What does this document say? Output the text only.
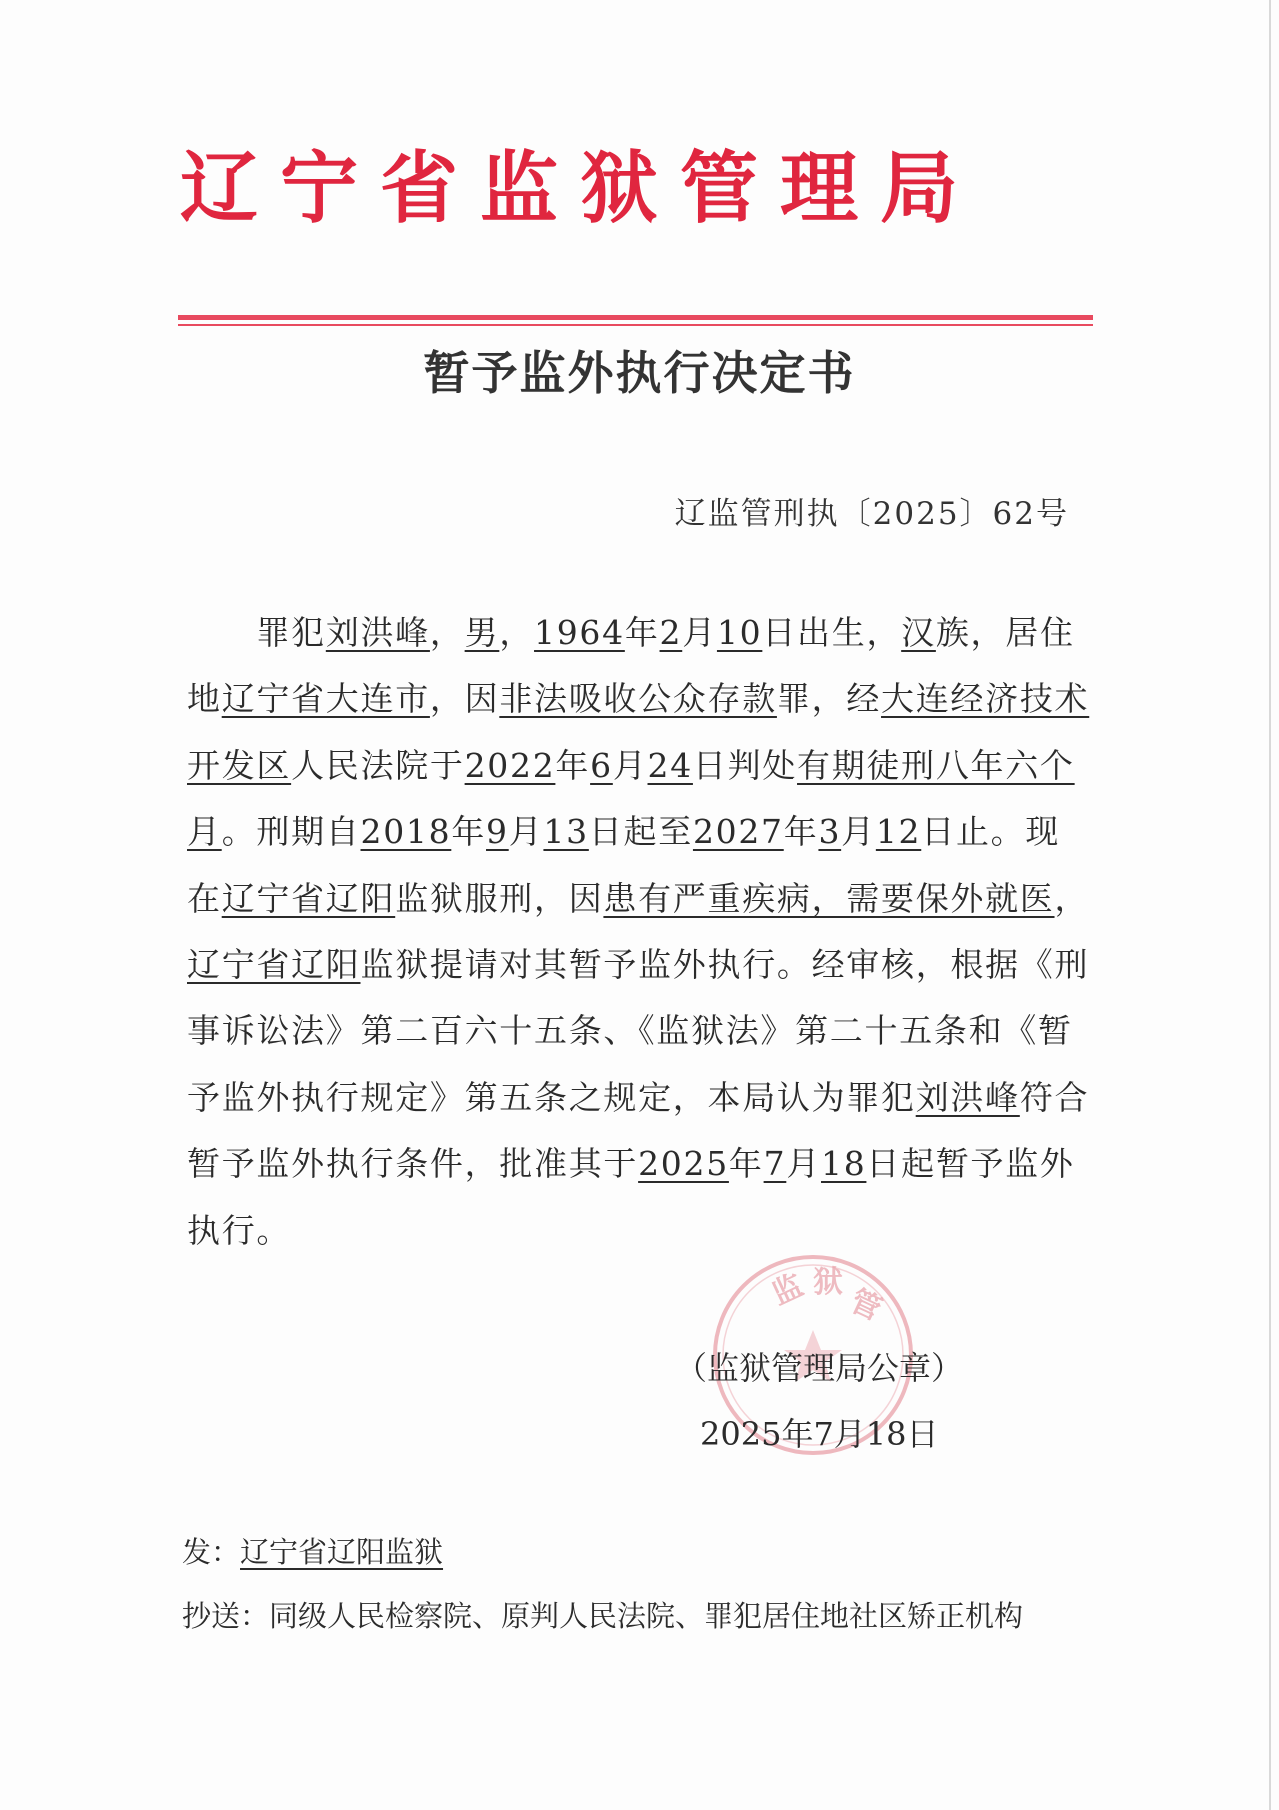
辽宁省监狱管理局
暂予监外执行决定书
辽监管刑执〔2025〕62号
　　罪犯刘洪峰，男，1964年2月10日出生，汉族，居住
地辽宁省大连市，因非法吸收公众存款罪，经大连经济技术
开发区人民法院于2022年6月24日判处有期徒刑八年六个
月。刑期自2018年9月13日起至2027年3月12日止。现
在辽宁省辽阳监狱服刑，因患有严重疾病，需要保外就医，
辽宁省辽阳监狱提请对其暂予监外执行。经审核，根据《刑
事诉讼法》第二百六十五条、《监狱法》第二十五条和《暂
予监外执行规定》第五条之规定，本局认为罪犯刘洪峰符合
暂予监外执行条件，批准其于2025年7月18日起暂予监外
执行。
监 狱
管
（监狱管理局公章）
2025年7月18日
发：辽宁省辽阳监狱
抄送：同级人民检察院、原判人民法院、罪犯居住地社区矫正机构
